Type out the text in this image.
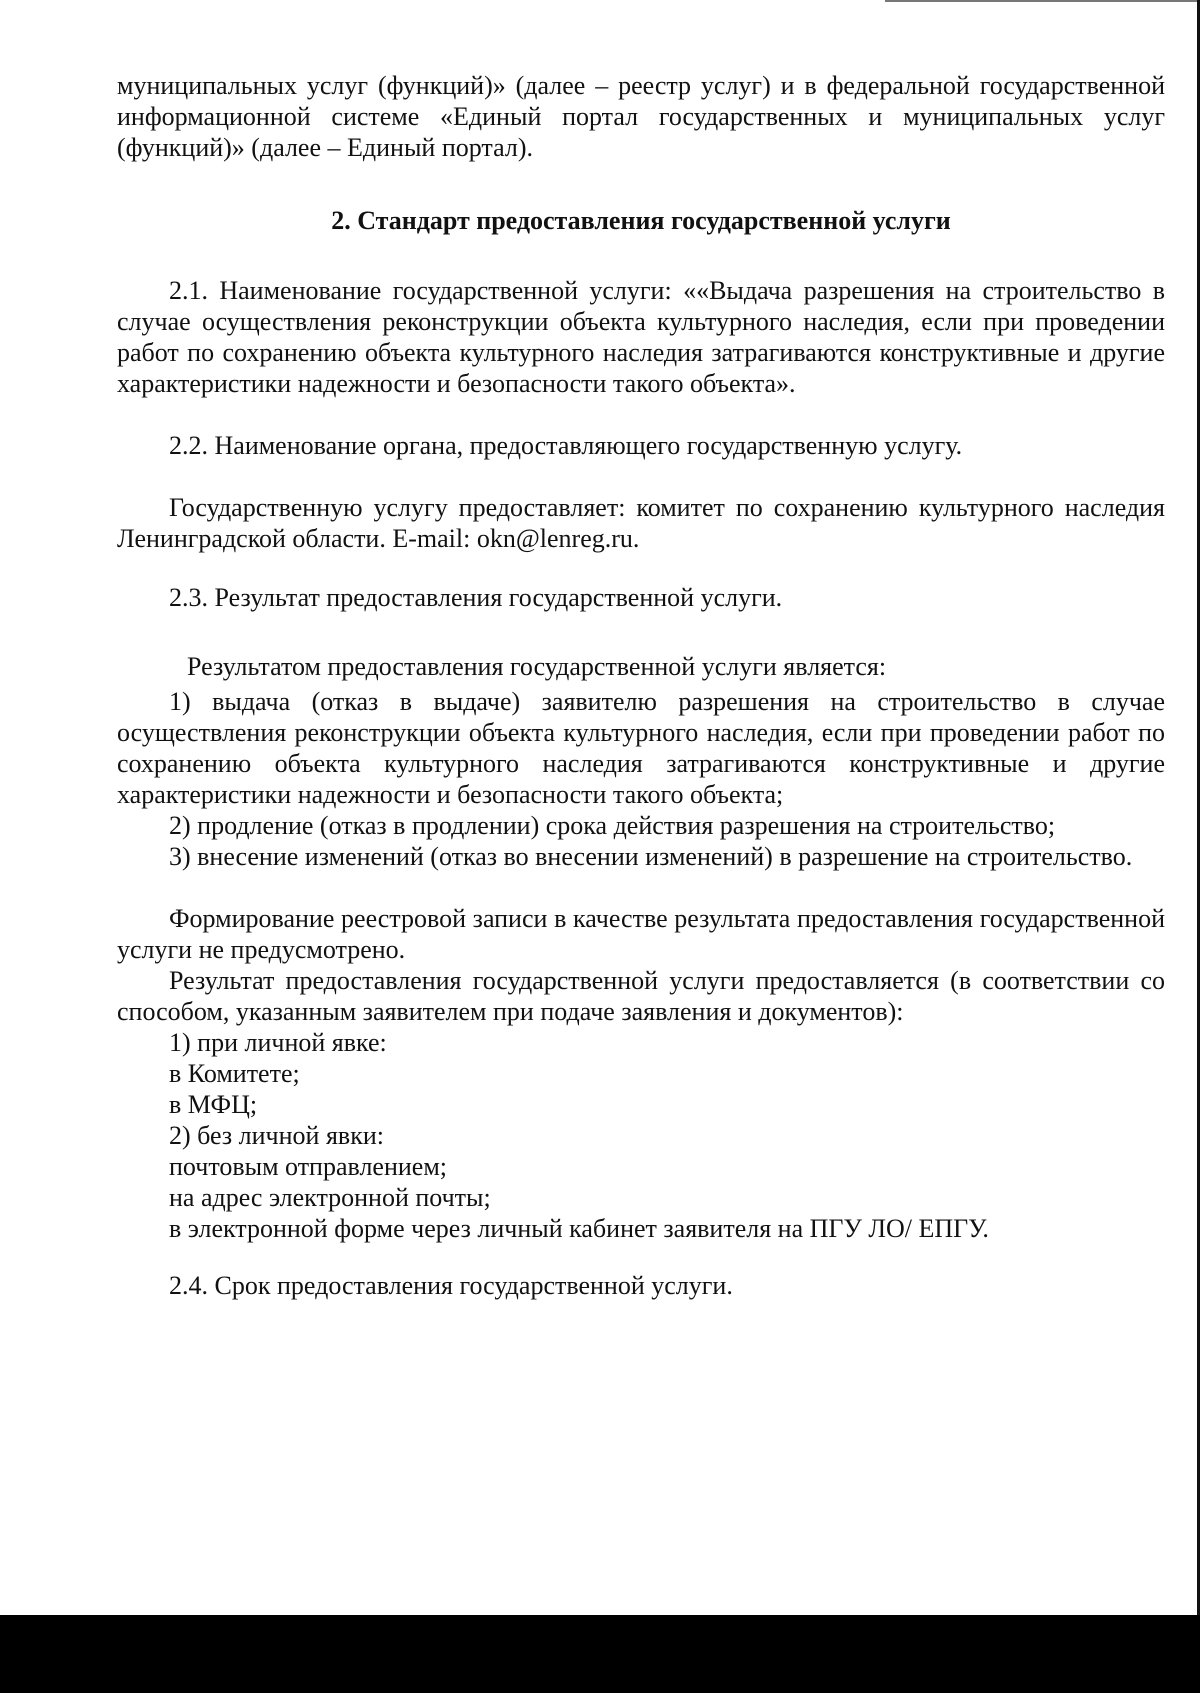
муниципальных услуг (функций)» (далее – реестр услуг) и в федеральной государственной информационной системе «Единый портал государственных и муниципальных услуг (функций)» (далее – Единый портал).

2. Стандарт предоставления государственной услуги

2.1. Наименование государственной услуги: ««Выдача разрешения на строительство в случае осуществления реконструкции объекта культурного наследия, если при проведении работ по сохранению объекта культурного наследия затрагиваются конструктивные и другие характеристики надежности и безопасности такого объекта».

2.2. Наименование органа, предоставляющего государственную услугу.

Государственную услугу предоставляет: комитет по сохранению культурного наследия Ленинградской области. E-mail: okn@lenreg.ru.

2.3. Результат предоставления государственной услуги.

Результатом предоставления государственной услуги является:

1) выдача (отказ в выдаче) заявителю разрешения на строительство в случае осуществления реконструкции объекта культурного наследия, если при проведении работ по сохранению объекта культурного наследия затрагиваются конструктивные и другие характеристики надежности и безопасности такого объекта;

2) продление (отказ в продлении) срока действия разрешения на строительство;

3) внесение изменений (отказ во внесении изменений) в разрешение на строительство.

Формирование реестровой записи в качестве результата предоставления государственной услуги не предусмотрено.

Результат предоставления государственной услуги предоставляется (в соответствии со способом, указанным заявителем при подаче заявления и документов):

1) при личной явке:
в Комитете;
в МФЦ;
2) без личной явки:
почтовым отправлением;
на адрес электронной почты;
в электронной форме через личный кабинет заявителя на ПГУ ЛО/ ЕПГУ.

2.4. Срок предоставления государственной услуги.
